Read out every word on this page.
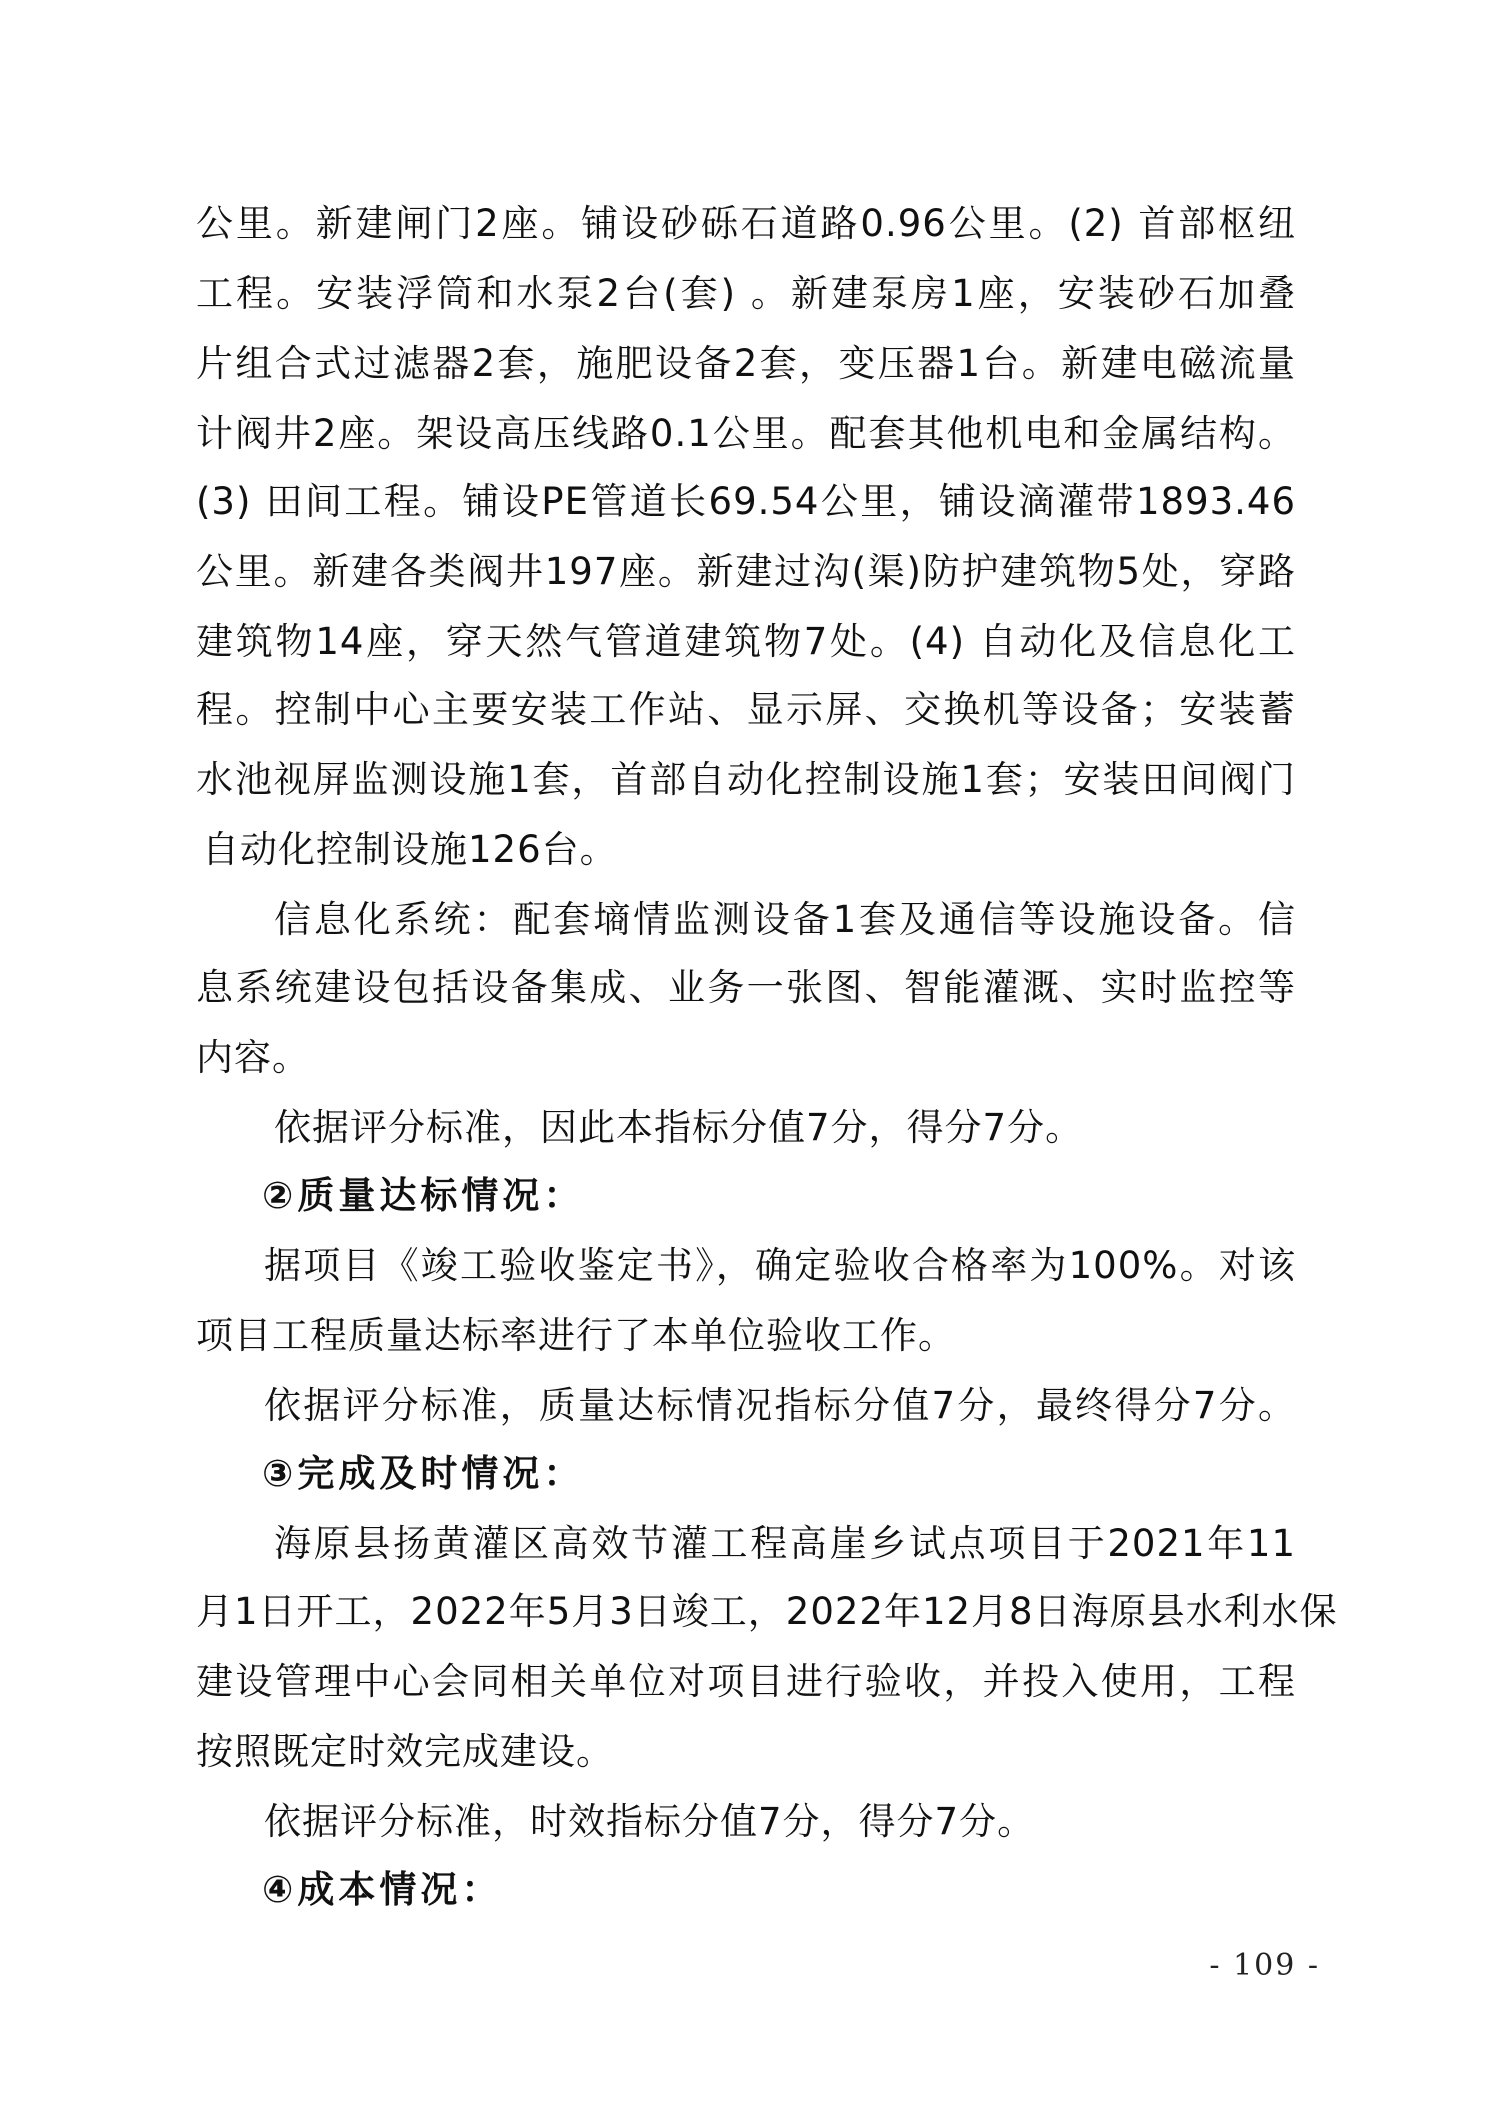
公里。新建闸门2座。铺设砂砾石道路0.96公里。(2) 首部枢纽
工程。安装浮筒和水泵2台(套) 。新建泵房1座，安装砂石加叠
片组合式过滤器2套，施肥设备2套，变压器1台。新建电磁流量
计阀井2座。架设高压线路0.1公里。配套其他机电和金属结构。
(3) 田间工程。铺设PE管道长69.54公里，铺设滴灌带1893.46
公里。新建各类阀井197座。新建过沟(渠)防护建筑物5处，穿路
建筑物14座，穿天然气管道建筑物7处。(4) 自动化及信息化工
程。控制中心主要安装工作站、显示屏、交换机等设备；安装蓄
水池视屏监测设施1套，首部自动化控制设施1套；安装田间阀门
自动化控制设施126台。
信息化系统：配套墒情监测设备1套及通信等设施设备。信
息系统建设包括设备集成、业务一张图、智能灌溉、实时监控等
内容。
依据评分标准，因此本指标分值7分，得分7分。
②质量达标情况：
据项目《竣工验收鉴定书》，确定验收合格率为100%。对该
项目工程质量达标率进行了本单位验收工作。
依据评分标准，质量达标情况指标分值7分，最终得分7分。
③完成及时情况：
海原县扬黄灌区高效节灌工程高崖乡试点项目于2021年11
月1日开工，2022年5月3日竣工，2022年12月8日海原县水利水保
建设管理中心会同相关单位对项目进行验收，并投入使用，工程
按照既定时效完成建设。
依据评分标准，时效指标分值7分，得分7分。
④成本情况：
- 109 -
